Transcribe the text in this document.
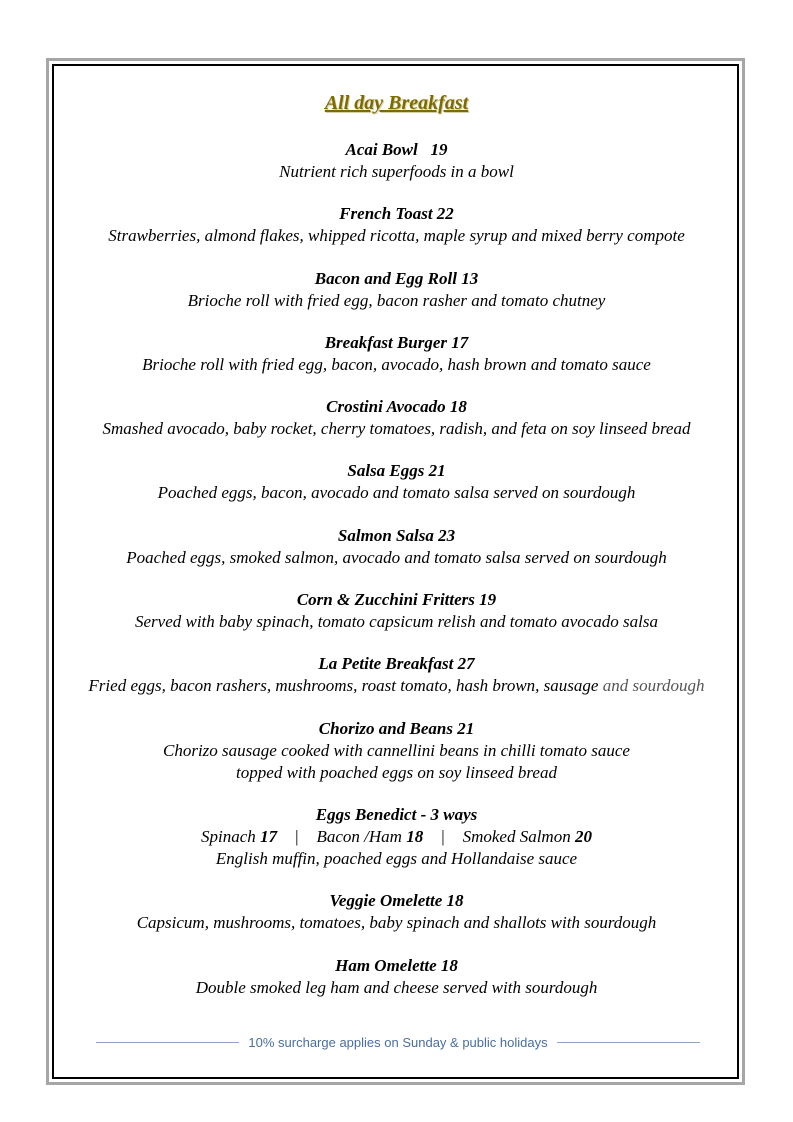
All day Breakfast
Acai Bowl   19
Nutrient rich superfoods in a bowl
French Toast 22
Strawberries, almond flakes, whipped ricotta, maple syrup and mixed berry compote
Bacon and Egg Roll 13
Brioche roll with fried egg, bacon rasher and tomato chutney
Breakfast Burger 17
Brioche roll with fried egg, bacon, avocado, hash brown and tomato sauce
Crostini Avocado 18
Smashed avocado, baby rocket, cherry tomatoes, radish, and feta on soy linseed bread
Salsa Eggs 21
Poached eggs, bacon, avocado and tomato salsa served on sourdough
Salmon Salsa 23
Poached eggs, smoked salmon, avocado and tomato salsa served on sourdough
Corn & Zucchini Fritters 19
Served with baby spinach, tomato capsicum relish and tomato avocado salsa
La Petite Breakfast 27
Fried eggs, bacon rashers, mushrooms, roast tomato, hash brown, sausage and sourdough
Chorizo and Beans 21
Chorizo sausage cooked with cannellini beans in chilli tomato sauce
topped with poached eggs on soy linseed bread
Eggs Benedict - 3 ways
Spinach 17 | Bacon /Ham 18 | Smoked Salmon 20
English muffin, poached eggs and Hollandaise sauce
Veggie Omelette 18
Capsicum, mushrooms, tomatoes, baby spinach and shallots with sourdough
Ham Omelette 18
Double smoked leg ham and cheese served with sourdough
10% surcharge applies on Sunday & public holidays
